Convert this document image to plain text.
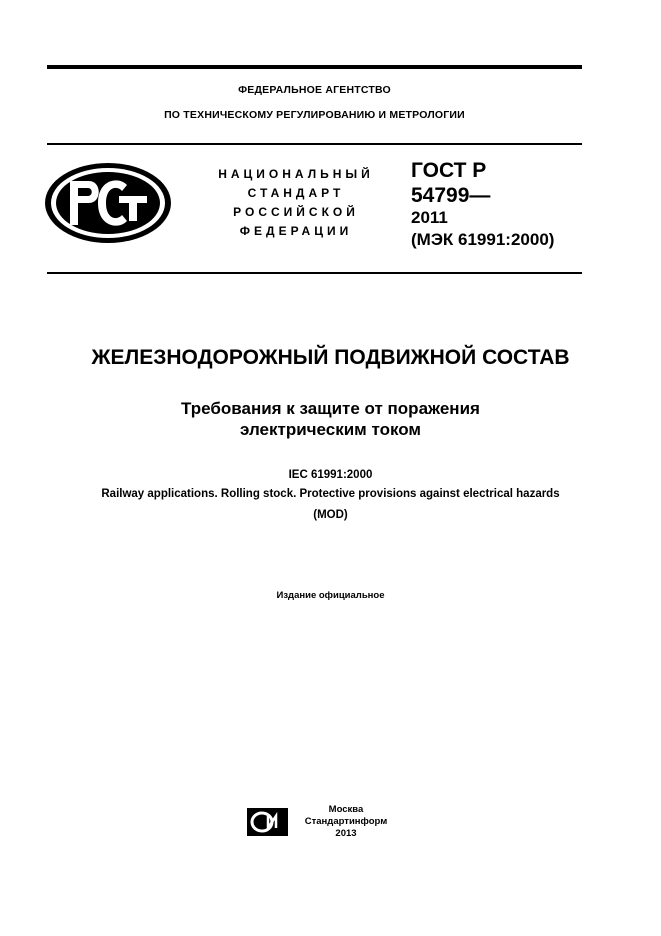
ФЕДЕРАЛЬНОЕ АГЕНТСТВО
ПО ТЕХНИЧЕСКОМУ РЕГУЛИРОВАНИЮ И МЕТРОЛОГИИ
НАЦИОНАЛЬНЫЙ
СТАНДАРТ
РОССИЙСКОЙ
ФЕДЕРАЦИИ
ГОСТ Р
54799—
2011
(МЭК 61991:2000)
ЖЕЛЕЗНОДОРОЖНЫЙ ПОДВИЖНОЙ СОСТАВ
Требования к защите от поражения
электрическим током
IEC 61991:2000
Railway applications. Rolling stock. Protective provisions against electrical hazards
(MOD)
Издание официальное
Москва
Стандартинформ
2013
